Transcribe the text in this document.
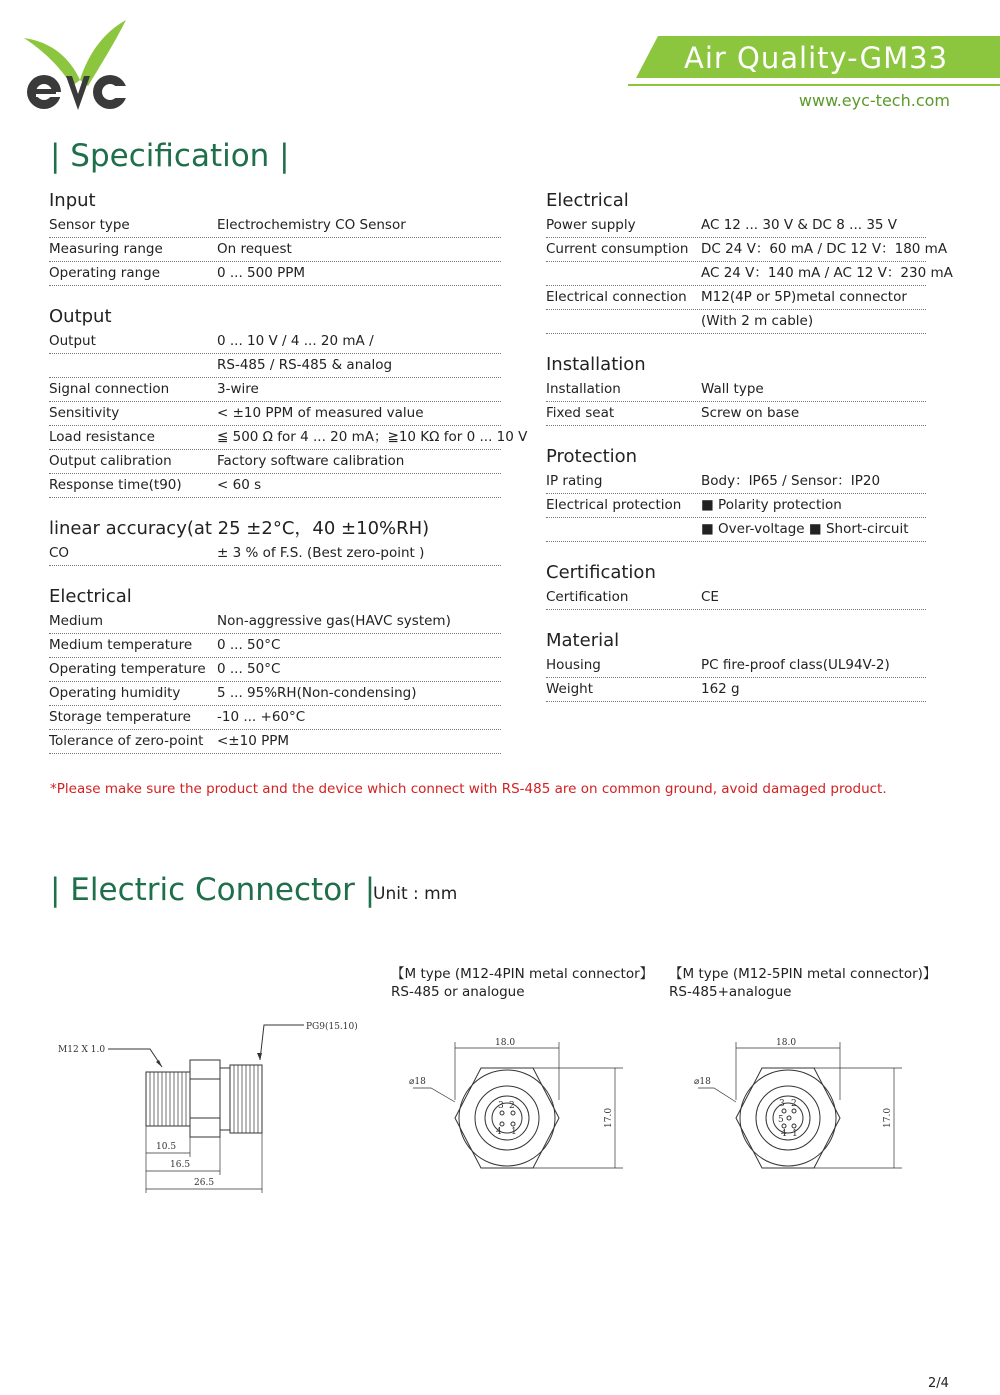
Air Quality-GM33
www.eyc-tech.com
| Specification |
Input
Sensor type	Electrochemistry CO Sensor
Measuring range	On request
Operating range	0 ... 500 PPM
Output
Output	0 ... 10 V / 4 ... 20 mA /
RS-485 / RS-485 & analog
Signal connection	3-wire
Sensitivity	< ±10 PPM of measured value
Load resistance	≦ 500 Ω for 4 ... 20 mA；≧10 KΩ for 0 ... 10 V
Output calibration	Factory software calibration
Response time(t90)	< 60 s
linear accuracy(at 25 ±2°C，40 ±10%RH)
CO	± 3 % of F.S. (Best zero-point )
Electrical
Medium	Non-aggressive gas(HAVC system)
Medium temperature	0 ... 50°C
Operating temperature 0 ... 50°C
Operating humidity	5 ... 95%RH(Non-condensing)
Storage temperature	-10 ... +60°C
Tolerance of zero-point	<±10 PPM
Electrical
Power supply	AC 12 ... 30 V & DC 8 ... 35 V
Current consumption DC 24 V：60 mA / DC 12 V：180 mA
AC 24 V：140 mA / AC 12 V：230 mA
Electrical connection	M12(4P or 5P)metal connector
(With 2 m cable)
Installation
Installation	Wall type
Fixed seat	Screw on base
Protection
IP rating	Body：IP65 / Sensor：IP20
Electrical protection	■ Polarity protection
■ Over-voltage ■ Short-circuit
Certification
Certification	CE
Material
Housing	PC fire-proof class(UL94V-2)
Weight	162 g
*Please make sure the product and the device which connect with RS-485 are on common ground, avoid damaged product.
| Electric Connector |
Unit : mm
【M type (M12-4PIN metal connector】
RS-485 or analogue
【M type (M12-5PIN metal connector)】
RS-485+analogue
M12 X 1.0
PG9(15.10)
10.5
16.5
26.5
18.0
17.0
⌀18
3 2
4 1
18.0
17.0
⌀18
3 2
5
4 1
2/4
